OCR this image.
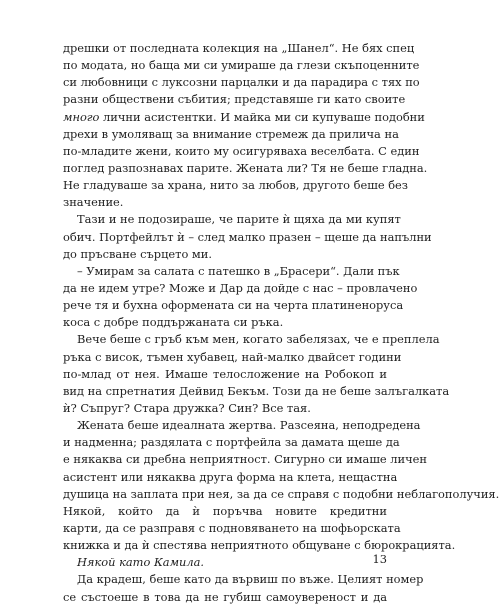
дрешки от последната колекция на „Шанел“. Не бях спец
по модата, но баща ми си умираше да глези скъпоценните
си любовници с луксозни парцалки и да парадира с тях по
разни обществени събития; представяше ги като своите
много лични асистентки. И майка ми си купуваше подобни
дрехи в умоляващ за внимание стремеж да прилича на
по-младите жени, които му осигуряваха веселбата. С един
поглед разпознавах парите. Жената ли? Тя не беше гладна.
Не гладуваше за храна, нито за любов, другото беше без
значение.
Тази и не подозираше, че парите ѝ щяха да ми купят
обич. Портфейлът ѝ – след малко празен – щеше да напълни
до пръсване сърцето ми.
– Умирам за салата с патешко в „Брасери“. Дали пък
да не идем утре? Може и Дар да дойде с нас – провлачено
рече тя и бухна оформената си на черта платиненоруса
коса с добре поддържаната си ръка.
Вече беше с гръб към мен, когато забелязах, че е преплела
ръка с висок, тъмен хубавец, най-малко двайсет години
по-млад от нея. Имаше телосложение на Робокоп и
вид на спретнатия Дейвид Бекъм. Този да не беше залъгалката
ѝ? Съпруг? Стара дружка? Син? Все тая.
Жената беше идеалната жертва. Разсеяна, неподредена
и надменна; раздялата с портфейла за дамата щеше да
е някаква си дребна неприятност. Сигурно си имаше личен
асистент или някаква друга форма на клета, нещастна
душица на заплата при нея, за да се справя с подобни неблагополучия.
Някой, който да ѝ поръчва новите кредитни
карти, да се разправя с подновяването на шофьорската
книжка и да ѝ спестява неприятното общуване с бюрокрацията.
Някой като Камила.
Да крадеш, беше като да вървиш по въже. Целият номер
се състоеше в това да не губиш самоувереност и да
13
